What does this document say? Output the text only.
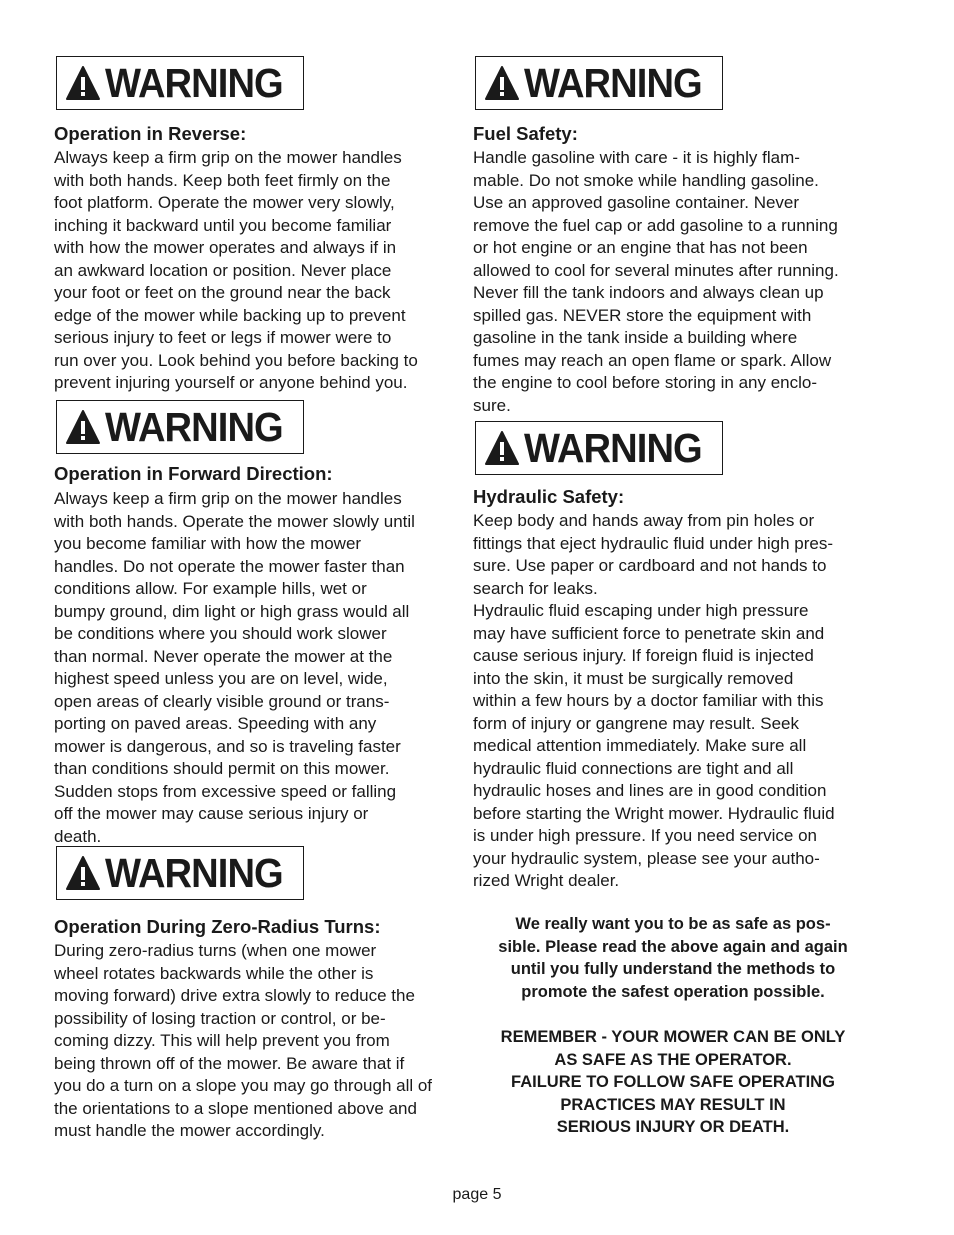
WARNING
Operation in Reverse:
Always keep a firm grip on the mower handles
with both hands. Keep both feet firmly on the
foot platform. Operate the mower very slowly,
inching it backward until you become familiar
with how the mower operates and always if in
an awkward location or position. Never place
your foot or feet on the ground near the back
edge of the mower while backing up to prevent
serious injury to feet or legs if mower were to
run over you. Look behind you before backing to
prevent injuring yourself or anyone behind you.
WARNING
Operation in Forward Direction:
Always keep a firm grip on the mower handles
with both hands. Operate the mower slowly until
you become familiar with how the mower
handles. Do not operate the mower faster than
conditions allow. For example hills, wet or
bumpy ground, dim light or high grass would all
be conditions where you should work slower
than normal. Never operate the mower at the
highest speed unless you are on level, wide,
open areas of clearly visible ground or trans-
porting on paved areas. Speeding with any
mower is dangerous, and so is traveling faster
than conditions should permit on this mower.
Sudden stops from excessive speed or falling
off the mower may cause serious injury or
death.
WARNING
Operation During Zero-Radius Turns:
During zero-radius turns (when one mower
wheel rotates backwards while the other is
moving forward) drive extra slowly to reduce the
possibility of losing traction or control, or be-
coming dizzy. This will help prevent you from
being thrown off of the mower. Be aware that if
you do a turn on a slope you may go through all of
the orientations to a slope mentioned above and
must handle the mower accordingly.
WARNING
Fuel Safety:
Handle gasoline with care - it is highly flam-
mable. Do not smoke while handling gasoline.
Use an approved gasoline container. Never
remove the fuel cap or add gasoline to a running
or hot engine or an engine that has not been
allowed to cool for several minutes after running.
Never fill the tank indoors and always clean up
spilled gas. NEVER store the equipment with
gasoline in the tank inside a building where
fumes may reach an open flame or spark. Allow
the engine to cool before storing in any enclo-
sure.
WARNING
Hydraulic Safety:
Keep body and hands away from pin holes or
fittings that eject hydraulic fluid under high pres-
sure. Use paper or cardboard and not hands to
search for leaks.
Hydraulic fluid escaping under high pressure
may have sufficient force to penetrate skin and
cause serious injury. If foreign fluid is injected
into the skin, it must be surgically removed
within a few hours by a doctor familiar with this
form of injury or gangrene may result. Seek
medical attention immediately. Make sure all
hydraulic fluid connections are tight and all
hydraulic hoses and lines are in good condition
before starting the Wright mower. Hydraulic fluid
is under high pressure. If you need service on
your hydraulic system, please see your autho-
rized Wright dealer.
We really want you to be as safe as pos-
sible. Please read the above again and again
until you fully understand the methods to
promote the safest operation possible.
REMEMBER - YOUR MOWER CAN BE ONLY
AS SAFE AS THE OPERATOR.
FAILURE TO FOLLOW SAFE OPERATING
PRACTICES MAY RESULT IN
SERIOUS INJURY OR DEATH.
page 5
